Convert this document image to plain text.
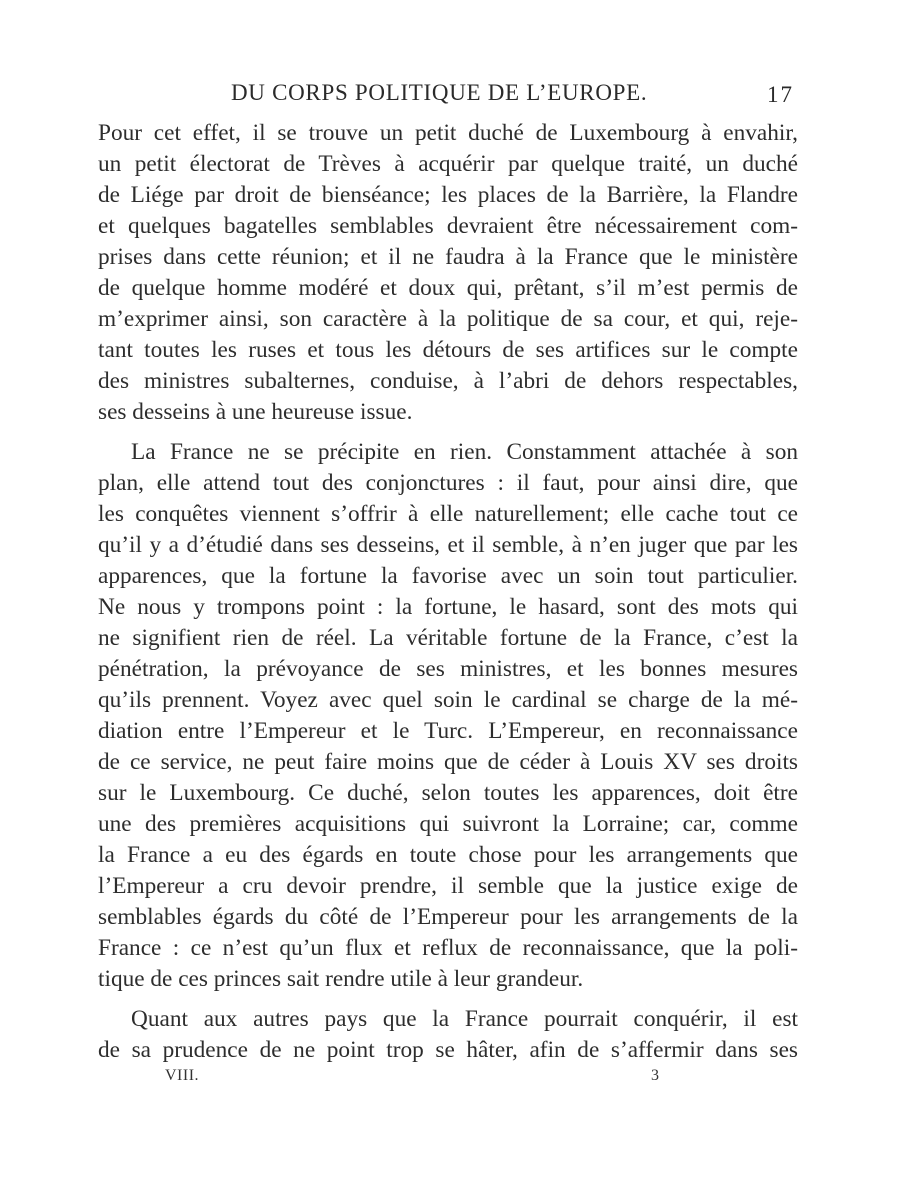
DU CORPS POLITIQUE DE L’EUROPE.	17
Pour cet effet, il se trouve un petit duché de Luxembourg à envahir,
un petit électorat de Trèves à acquérir par quelque traité, un duché
de Liége par droit de bienséance; les places de la Barrière, la Flandre
et quelques bagatelles semblables devraient être nécessairement com-
prises dans cette réunion; et il ne faudra à la France que le ministère
de quelque homme modéré et doux qui, prêtant, s’il m’est permis de
m’exprimer ainsi, son caractère à la politique de sa cour, et qui, reje-
tant toutes les ruses et tous les détours de ses artifices sur le compte
des ministres subalternes, conduise, à l’abri de dehors respectables,
ses desseins à une heureuse issue.
La France ne se précipite en rien. Constamment attachée à son
plan, elle attend tout des conjonctures : il faut, pour ainsi dire, que
les conquêtes viennent s’offrir à elle naturellement; elle cache tout ce
qu’il y a d’étudié dans ses desseins, et il semble, à n’en juger que par les
apparences, que la fortune la favorise avec un soin tout particulier.
Ne nous y trompons point : la fortune, le hasard, sont des mots qui
ne signifient rien de réel. La véritable fortune de la France, c’est la
pénétration, la prévoyance de ses ministres, et les bonnes mesures
qu’ils prennent. Voyez avec quel soin le cardinal se charge de la mé-
diation entre l’Empereur et le Turc. L’Empereur, en reconnaissance
de ce service, ne peut faire moins que de céder à Louis XV ses droits
sur le Luxembourg. Ce duché, selon toutes les apparences, doit être
une des premières acquisitions qui suivront la Lorraine; car, comme
la France a eu des égards en toute chose pour les arrangements que
l’Empereur a cru devoir prendre, il semble que la justice exige de
semblables égards du côté de l’Empereur pour les arrangements de la
France : ce n’est qu’un flux et reflux de reconnaissance, que la poli-
tique de ces princes sait rendre utile à leur grandeur.
Quant aux autres pays que la France pourrait conquérir, il est
de sa prudence de ne point trop se hâter, afin de s’affermir dans ses
VIII.	3
